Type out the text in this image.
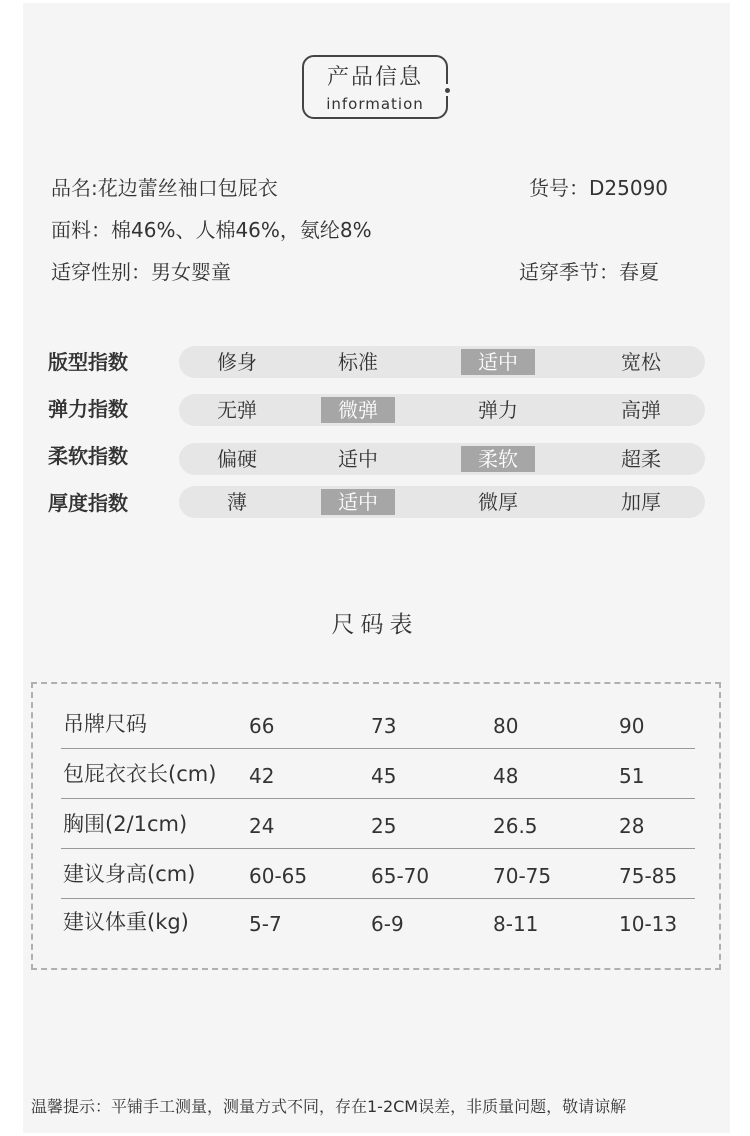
产品信息
information
品名:花边蕾丝袖口包屁衣	货号：D25090
面料：棉46%、人棉46%，氨纶8%
适穿性别：男女婴童	适穿季节：春夏
版型指数	修身	标准	适中	宽松
弹力指数	无弹	微弹	弹力	高弹
柔软指数	偏硬	适中	柔软	超柔
厚度指数	薄	适中	微厚	加厚
尺码表
吊牌尺码	66	73	80	90
包屁衣衣长(cm) 42	45	48	51
胸围(2/1cm)	24	25	26.5	28
建议身高(cm)	60-65	65-70	70-75	75-85
建议体重(kg)	5-7	6-9	8-11	10-13
温馨提示：平铺手工测量，测量方式不同，存在1-2CM误差，非质量问题，敬请谅解
